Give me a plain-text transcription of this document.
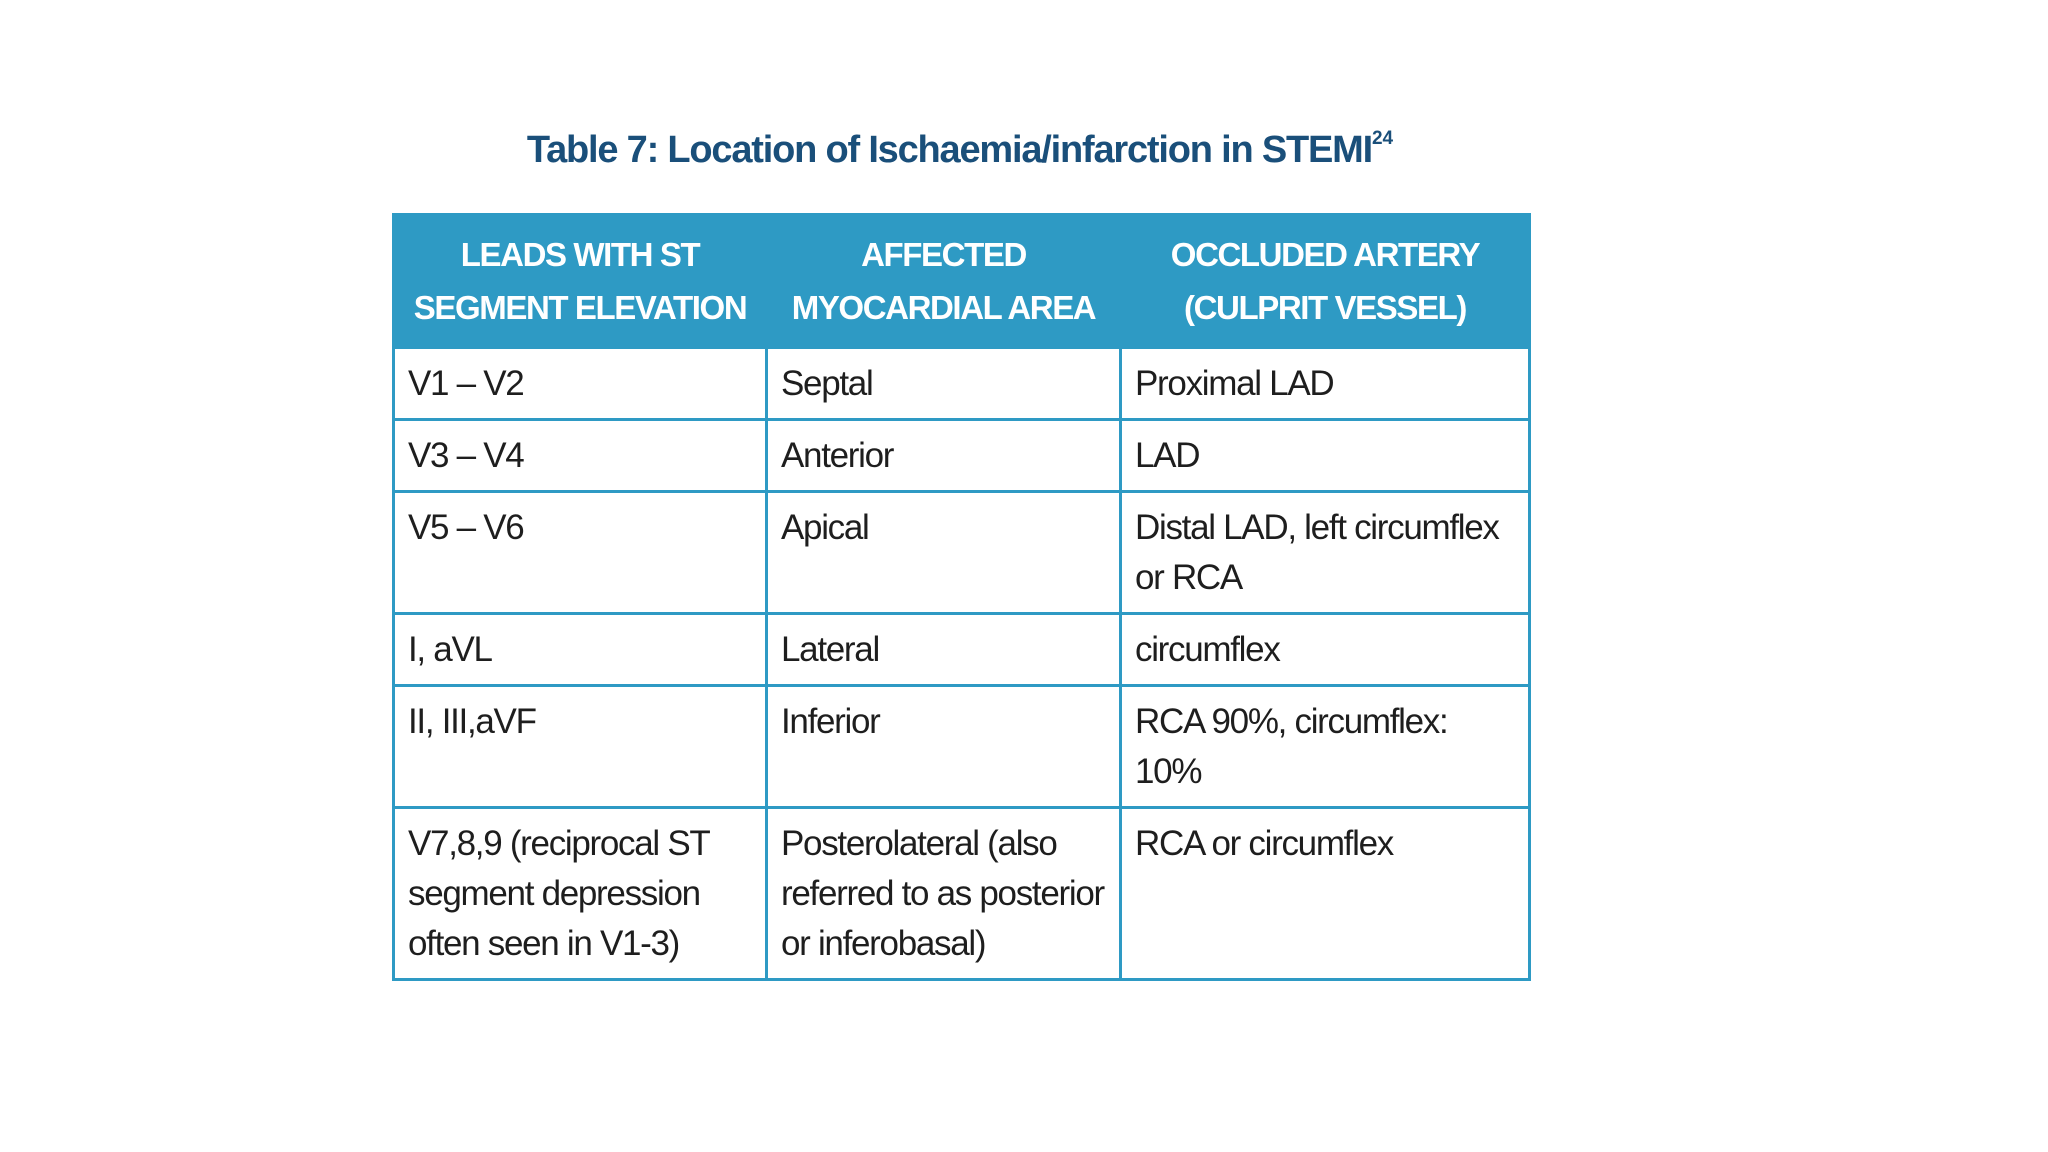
Table 7: Location of Ischaemia/infarction in STEMI$^{24}$
LEADS WITH ST SEGMENT ELEVATION	AFFECTED MYOCARDIAL AREA	OCCLUDED ARTERY (CULPRIT VESSEL)
V1 – V2	Septal	Proximal LAD
V3 – V4	Anterior	LAD
V5 – V6	Apical	Distal LAD, left circumflex or RCA
I, aVL	Lateral	circumflex
II, III,aVF	Inferior	RCA 90%, circumflex: 10%
V7,8,9 (reciprocal ST segment depression often seen in V1-3)	Posterolateral (also referred to as posterior or inferobasal)	RCA or circumflex
